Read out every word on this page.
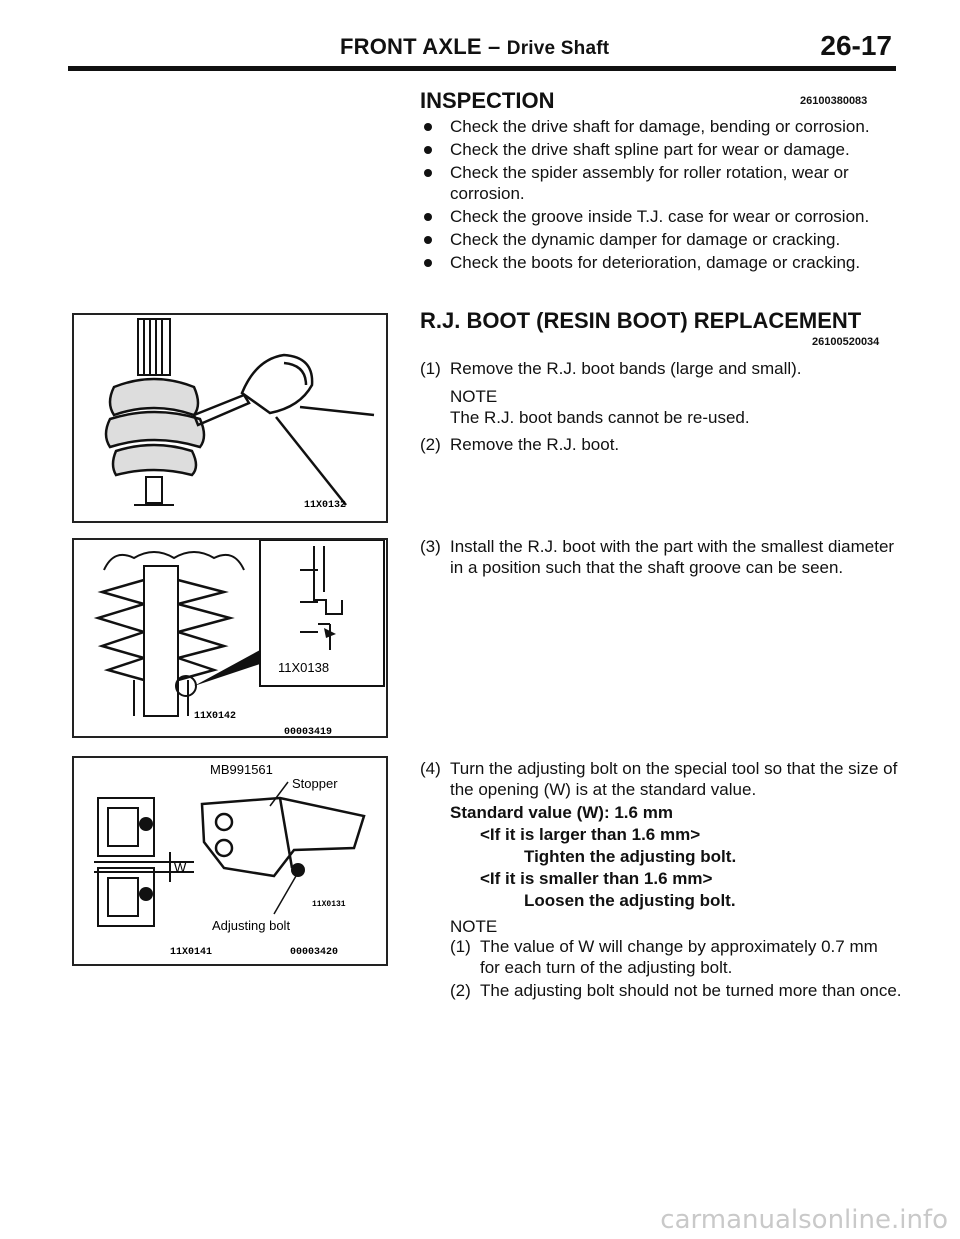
FRONT AXLE – Drive Shaft	26-17
INSPECTION	26100380083
Check the drive shaft for damage, bending or corrosion.
Check the drive shaft spline part for wear or damage.
Check the spider assembly for roller rotation, wear or corrosion.
Check the groove inside T.J. case for wear or corrosion.
Check the dynamic damper for damage or cracking.
Check the boots for deterioration, damage or cracking.
R.J. BOOT (RESIN BOOT) REPLACEMENT
26100520034
(1) Remove the R.J. boot bands (large and small).
NOTE
The R.J. boot bands cannot be re-used.
(2) Remove the R.J. boot.
(3) Install the R.J. boot with the part with the smallest diameter in a position such that the shaft groove can be seen.
(4) Turn the adjusting bolt on the special tool so that the size of the opening (W) is at the standard value.
Standard value (W): 1.6 mm
<If it is larger than 1.6 mm>
Tighten the adjusting bolt.
<If it is smaller than 1.6 mm>
Loosen the adjusting bolt.
NOTE
(1) The value of W will change by approximately 0.7 mm for each turn of the adjusting bolt.
(2) The adjusting bolt should not be turned more than once.
11X0132
11X0138
11X0142
00003419
W
MB991561
Stopper
11X0131
Adjusting bolt
11X0141	00003420
carmanualsonline.info
